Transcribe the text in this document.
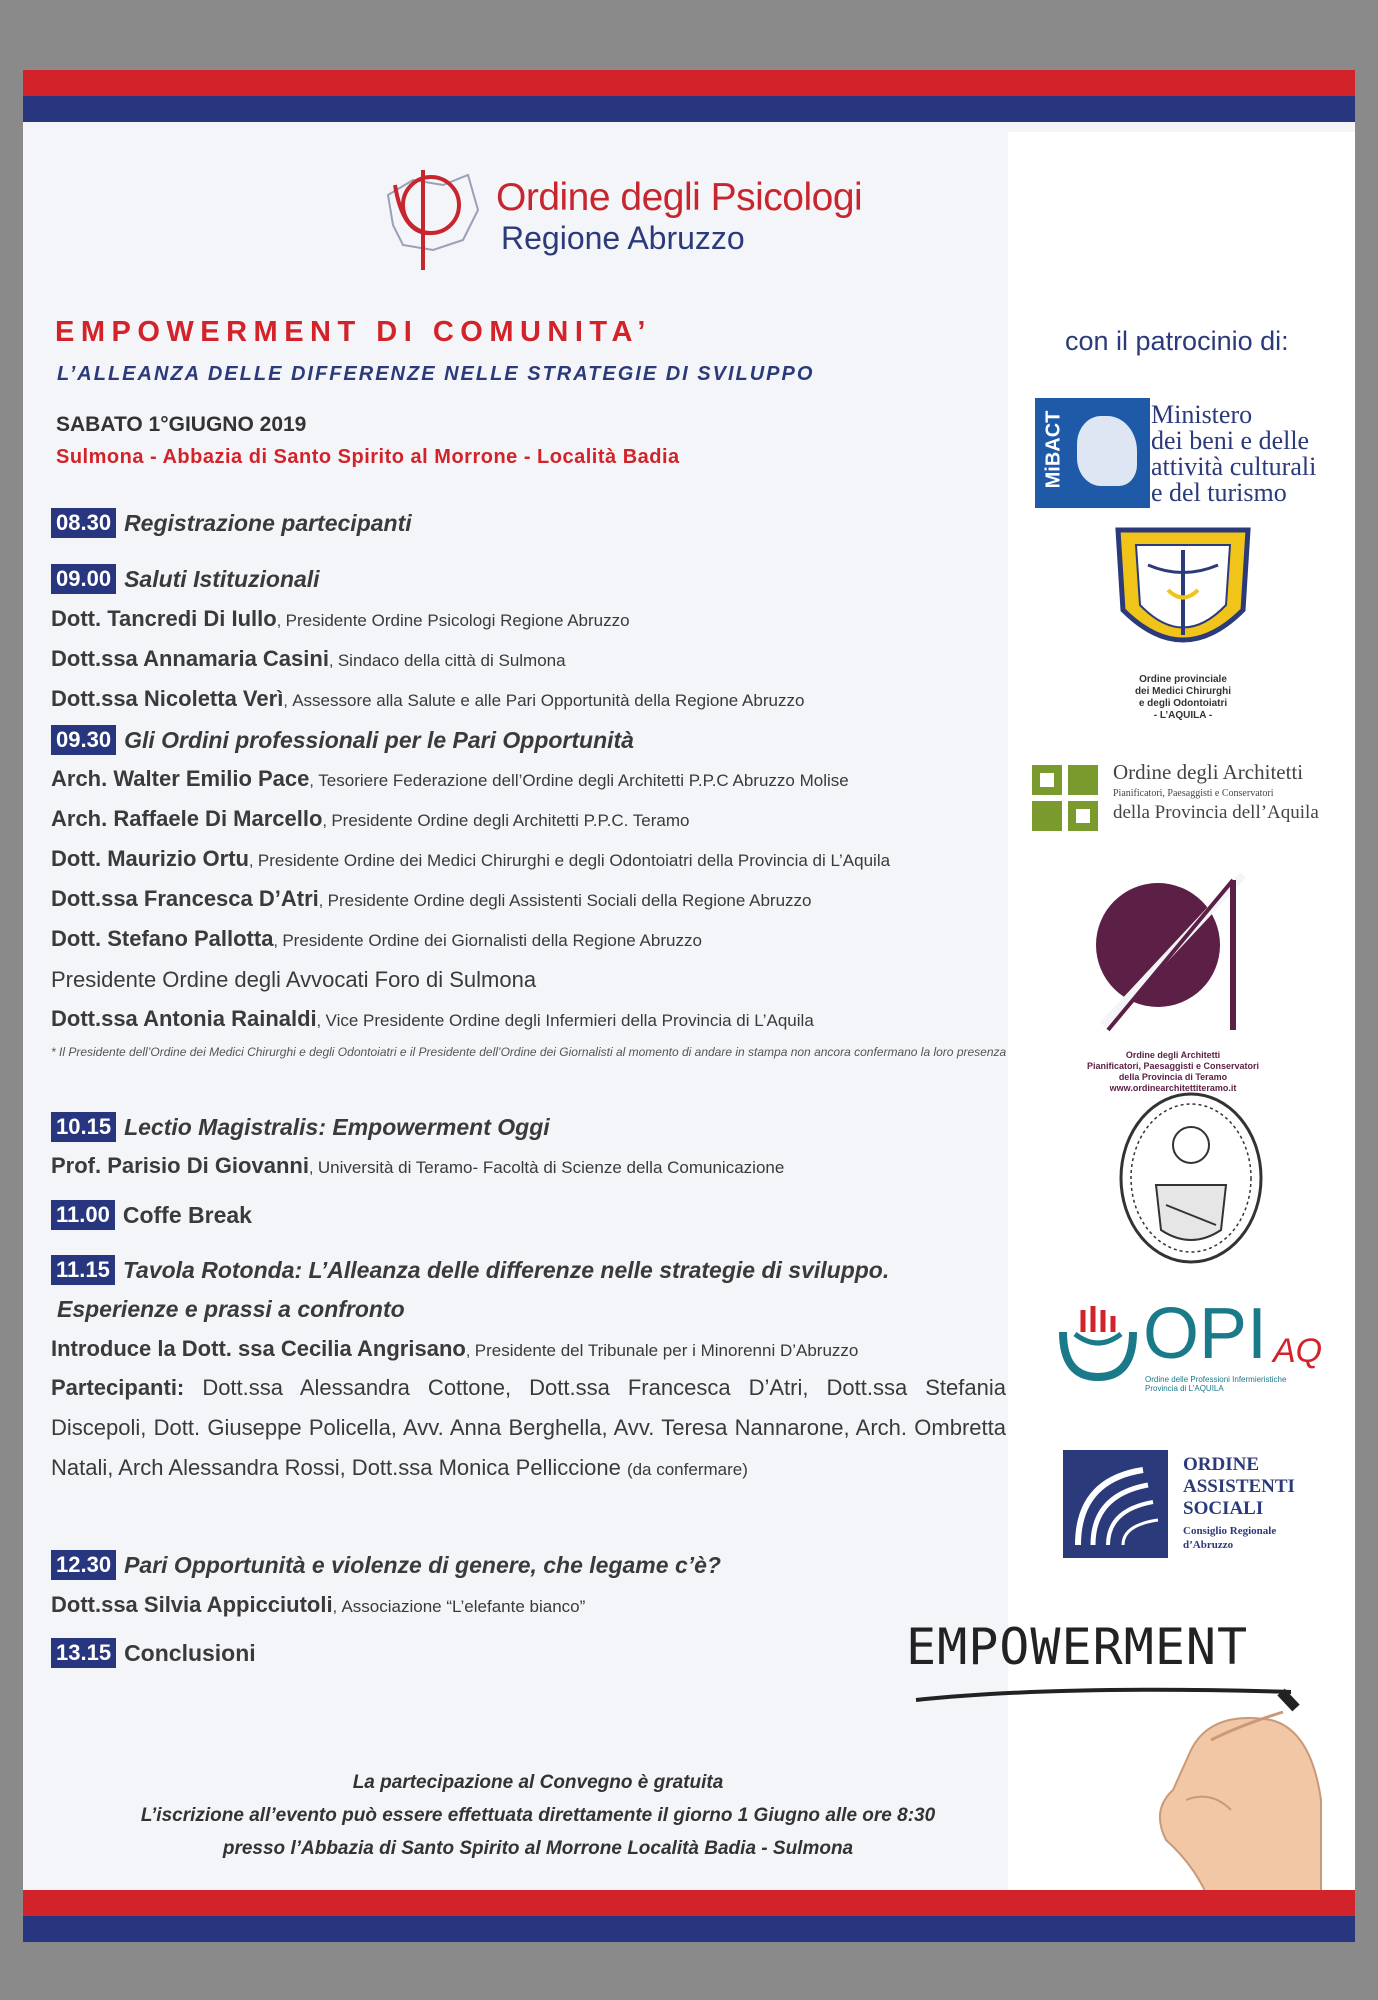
Ordine degli Psicologi
Regione Abruzzo
EMPOWERMENT DI COMUNITA’
L’ALLEANZA DELLE DIFFERENZE NELLE STRATEGIE DI SVILUPPO
SABATO 1°GIUGNO 2019
Sulmona - Abbazia di Santo Spirito al Morrone - Località Badia
08.30 Registrazione partecipanti
09.00 Saluti Istituzionali
Dott. Tancredi Di Iullo, Presidente Ordine Psicologi Regione Abruzzo
Dott.ssa Annamaria Casini, Sindaco della città di Sulmona
Dott.ssa Nicoletta Verì, Assessore alla Salute e alle Pari Opportunità della Regione Abruzzo
09.30 Gli Ordini professionali per le Pari Opportunità
Arch. Walter Emilio Pace, Tesoriere Federazione dell’Ordine degli Architetti P.P.C Abruzzo Molise
Arch. Raffaele Di Marcello, Presidente Ordine degli Architetti P.P.C. Teramo
Dott. Maurizio Ortu, Presidente Ordine dei Medici Chirurghi e degli Odontoiatri della Provincia di L’Aquila
Dott.ssa Francesca D’Atri, Presidente Ordine degli Assistenti Sociali della Regione Abruzzo
Dott. Stefano Pallotta, Presidente Ordine dei Giornalisti della Regione Abruzzo
Presidente Ordine degli Avvocati Foro di Sulmona
Dott.ssa Antonia Rainaldi, Vice Presidente Ordine degli Infermieri della Provincia di L’Aquila
* Il Presidente dell’Ordine dei Medici Chirurghi e degli Odontoiatri e il Presidente dell’Ordine dei Giornalisti al momento di andare in stampa non ancora confermano la loro presenza
10.15 Lectio Magistralis: Empowerment Oggi
Prof. Parisio Di Giovanni, Università di Teramo- Facoltà di Scienze della Comunicazione
11.00 Coffe Break
11.15 Tavola Rotonda: L’Alleanza delle differenze nelle strategie di sviluppo.
Esperienze e prassi a confronto
Introduce la Dott. ssa Cecilia Angrisano, Presidente del Tribunale per i Minorenni D’Abruzzo
Partecipanti: Dott.ssa Alessandra Cottone, Dott.ssa Francesca D’Atri, Dott.ssa Stefania Discepoli, Dott. Giuseppe Policella, Avv. Anna Berghella, Avv. Teresa Nannarone, Arch. Ombretta Natali, Arch Alessandra Rossi, Dott.ssa Monica Pelliccione (da confermare)
12.30 Pari Opportunità e violenze di genere, che legame c’è?
Dott.ssa Silvia Appicciutoli, Associazione “L’elefante bianco”
13.15 Conclusioni
La partecipazione al Convegno è gratuita
L’iscrizione all’evento può essere effettuata direttamente il giorno 1 Giugno alle ore 8:30
presso l’Abbazia di Santo Spirito al Morrone Località Badia - Sulmona
con il patrocinio di:
MiBACT	Ministero
dei beni e delle
attività culturali
e del turismo
Ordine provinciale
dei Medici Chirurghi
e degli Odontoiatri
- L’AQUILA -
Ordine degli Architetti
Pianificatori, Paesaggisti e Conservatori
della Provincia dell’Aquila
Ordine degli Architetti
Pianificatori, Paesaggisti e Conservatori
della Provincia di Teramo
www.ordinearchitettiteramo.it
OPI AQ
Ordine delle Professioni Infermieristiche
Provincia di L’AQUILA
ORDINE
ASSISTENTI
SOCIALI
Consiglio Regionale
d’Abruzzo
EMPOWERMENT
